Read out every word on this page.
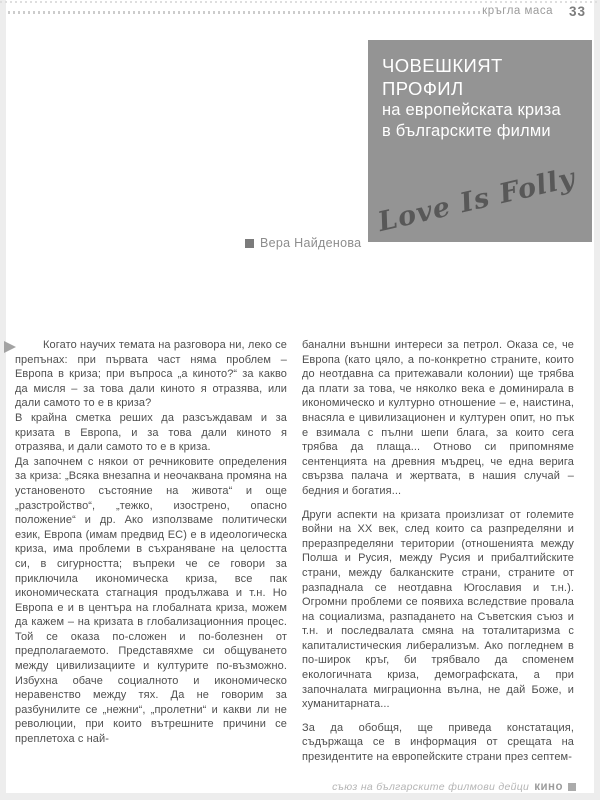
кръгла маса 33
ЧОВЕШКИЯТ ПРОФИЛ
на европейската криза
в българските филми
Love Is Folly
Вера Найденова

Когато научих темата на разговора ни, леко се препънах: при първата част няма проблем – Европа в криза; при въпроса „а киното?“ за какво да мисля – за това дали киното я отразява, или дали самото то е в криза?

В крайна сметка реших да разсъждавам и за кризата в Европа, и за това дали киното я отразява, и дали самото то е в криза.

Да започнем с някои от речниковите определения за криза: „Всяка внезапна и неочаквана промяна на установеното състояние на живота“ и още „разстройство“, „тежко, изострено, опасно положение“ и др. Ако използваме политически език, Европа (имам предвид ЕС) е в идеологическа криза, има проблеми в съхраняване на целостта си, в сигурността; въпреки че се говори за приключила икономическа криза, все пак икономическата стагнация продължава и т.н. Но Европа е и в центъра на глобалната криза, можем да кажем – на кризата в глобализационния процес. Той се оказа по-сложен и по-болезнен от предполагаемото. Представяхме си общуването между цивилизациите и културите по-възможно. Избухна обаче социалното и икономическо неравенство между тях. Да не говорим за разбунилите се „нежни“, „пролетни“ и какви ли не революции, при които вътрешните причини се преплетоха с най-

банални външни интереси за петрол. Оказа се, че Европа (като цяло, а по-конкретно страните, които до неотдавна са притежавали колонии) ще трябва да плати за това, че няколко века е доминирала в икономическо и културно отношение – е, наистина, внасяла е цивилизационен и културен опит, но пък е взимала с пълни шепи блага, за които сега трябва да плаща... Отново си припомняме сентенцията на древния мъдрец, че една верига свързва палача и жертвата, в нашия случай – бедния и богатия...

Други аспекти на кризата произлизат от големите войни на ХХ век, след които са разпределяни и преразпределяни територии (отношенията между Полша и Русия, между Русия и прибалтийските страни, между балканските страни, страните от разпаднала се неотдавна Югославия и т.н.). Огромни проблеми се появиха вследствие провала на социализма, разпадането на Съветския съюз и т.н. и последвалата смяна на тоталитаризма с капиталистическия либерализъм. Ако погледнем в по-широк кръг, би трябвало да споменем екологичната криза, демографската, а при започналата миграционна вълна, не дай Боже, и хуманитарната...

За да обобщя, ще приведа констатация, съдържаща се в информация от срещата на президентите на европейските страни през септем-

съюз на българските филмови дейци кино
